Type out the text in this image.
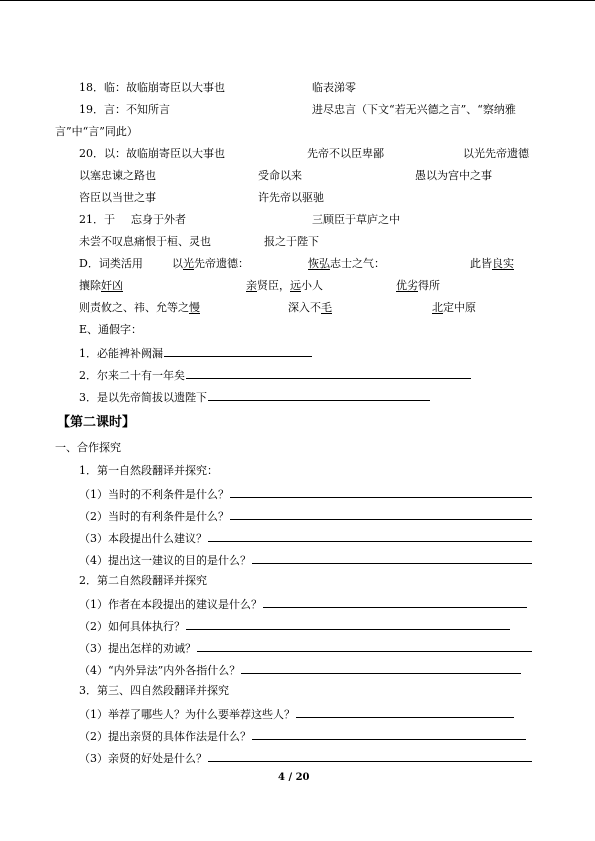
18．临：故临崩寄臣以大事也	临表涕零
19．言：不知所言	进尽忠言（下文“若无兴德之言”、“察纳雅
言”中“言”同此）
20．以：故临崩寄臣以大事也	先帝不以臣卑鄙	以光先帝遗德
以塞忠谏之路也	受命以来	愚以为宫中之事
咨臣以当世之事	许先帝以驱驰
21．于 忘身于外者	三顾臣于草庐之中
未尝不叹息痛恨于桓、灵也	报之于陛下
D．词类活用	以光先帝遗德：	恢弘志士之气：	此皆良实
攘除奸凶	亲贤臣，远小人	优劣得所
则责攸之、祎、允等之慢	深入不毛	北定中原
E、通假字：
1．必能裨补阙漏
2．尔来二十有一年矣
3．是以先帝简拔以遗陛下
【第二课时】
一、合作探究
1．第一自然段翻译并探究：
（1）当时的不利条件是什么？
（2）当时的有利条件是什么？
（3）本段提出什么建议？
（4）提出这一建议的目的是什么？
2．第二自然段翻译并探究
（1）作者在本段提出的建议是什么？
（2）如何具体执行？
（3）提出怎样的劝诫？
（4）“内外异法”内外各指什么？
3．第三、四自然段翻译并探究
（1）举荐了哪些人？为什么要举荐这些人？
（2）提出亲贤的具体作法是什么？
（3）亲贤的好处是什么？
4 / 20
